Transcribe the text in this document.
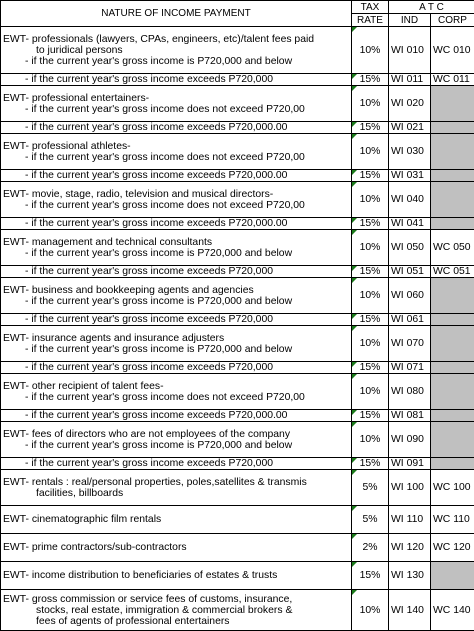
NATURE OF INCOME PAYMENT	TAX	A T C	
	RATE	IND	CORP

EWT- professionals (lawyers, CPAs, engineers, etc)/talent fees paid
to juridical persons
- if the current year's gross income is P720,000 and below	10%	WI 010	WC 010

- if the current year's gross income exceeds P720,000	15%	WI 011	WC 011

EWT- professional entertainers-
- if the current year's gross income does not exceed P720,00	10%	WI 020	

- if the current year's gross income exceeds P720,000.00	15%	WI 021	

EWT- professional athletes-
- if the current year's gross income does not exceed P720,00	10%	WI 030	

- if the current year's gross income exceeds P720,000.00	15%	WI 031	

EWT- movie, stage, radio, television and musical directors-
- if the current year's gross income does not exceed P720,00	10%	WI 040	

- if the current year's gross income exceeds P720,000.00	15%	WI 041	

EWT- management and technical consultants
- if the current year's gross income is P720,000 and below	10%	WI 050	WC 050

- if the current year's gross income exceeds P720,000	15%	WI 051	WC 051

EWT- business and bookkeeping agents and agencies
- if the current year's gross income is P720,000 and below	10%	WI 060	

- if the current year's gross income exceeds P720,000	15%	WI 061	

EWT- insurance agents and insurance adjusters
- if the current year's gross income is P720,000 and below	10%	WI 070	

- if the current year's gross income exceeds P720,000	15%	WI 071	

EWT- other recipient of talent fees-
- if the current year's gross income does not exceed P720,00	10%	WI 080	

- if the current year's gross income exceeds P720,000.00	15%	WI 081	

EWT- fees of directors who are not employees of the company
- if the current year's gross income is P720,000 and below	10%	WI 090	

- if the current year's gross income exceeds P720,000	15%	WI 091	

EWT- rentals : real/personal properties, poles,satellites & transmis
facilities, billboards	5%	WI 100	WC 100

EWT- cinematographic film rentals	5%	WI 110	WC 110

EWT- prime contractors/sub-contractors	2%	WI 120	WC 120

EWT- income distribution to beneficiaries of estates & trusts	15%	WI 130	

EWT- gross commission or service fees of customs, insurance,
stocks, real estate, immigration & commercial brokers &
fees of agents of professional entertainers	10%	WI 140	WC 140
